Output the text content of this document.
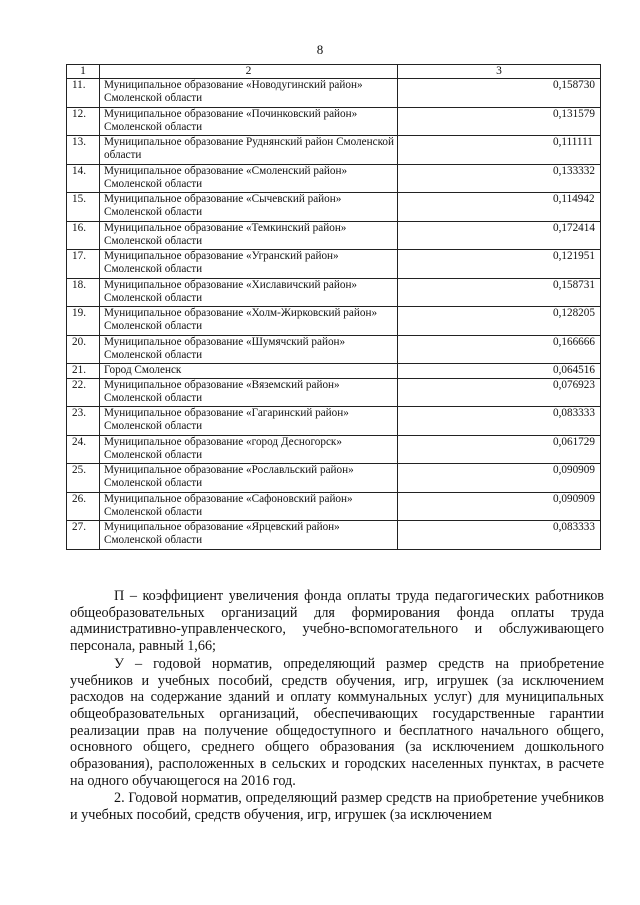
8
1	2	3
11.	Муниципальное образование «Новодугинский район» Смоленской области	0,158730
12.	Муниципальное образование «Починковский район» Смоленской области	0,131579
13.	Муниципальное образование Руднянский район Смоленской области	0,111111
14.	Муниципальное образование «Смоленский район» Смоленской области	0,133332
15.	Муниципальное образование «Сычевский район» Смоленской области	0,114942
16.	Муниципальное образование «Темкинский район» Смоленской области	0,172414
17.	Муниципальное образование «Угранский район» Смоленской области	0,121951
18.	Муниципальное образование «Хиславичский район» Смоленской области	0,158731
19.	Муниципальное образование «Холм-Жирковский район» Смоленской области	0,128205
20.	Муниципальное образование «Шумячский район» Смоленской области	0,166666
21.	Город Смоленск	0,064516
22.	Муниципальное образование «Вяземский район» Смоленской области	0,076923
23.	Муниципальное образование «Гагаринский район» Смоленской области	0,083333
24.	Муниципальное образование «город Десногорск» Смоленской области	0,061729
25.	Муниципальное образование «Рославльский район» Смоленской области	0,090909
26.	Муниципальное образование «Сафоновский район» Смоленской области	0,090909
27.	Муниципальное образование «Ярцевский район» Смоленской области	0,083333

П – коэффициент увеличения фонда оплаты труда педагогических работников общеобразовательных организаций для формирования фонда оплаты труда административно-управленческого, учебно-вспомогательного и обслуживающего персонала, равный 1,66;

У – годовой норматив, определяющий размер средств на приобретение учебников и учебных пособий, средств обучения, игр, игрушек (за исключением расходов на содержание зданий и оплату коммунальных услуг) для муниципальных общеобразовательных организаций, обеспечивающих государственные гарантии реализации прав на получение общедоступного и бесплатного начального общего, основного общего, среднего общего образования (за исключением дошкольного образования), расположенных в сельских и городских населенных пунктах, в расчете на одного обучающегося на 2016 год.

2. Годовой норматив, определяющий размер средств на приобретение учебников и учебных пособий, средств обучения, игр, игрушек (за исключением
